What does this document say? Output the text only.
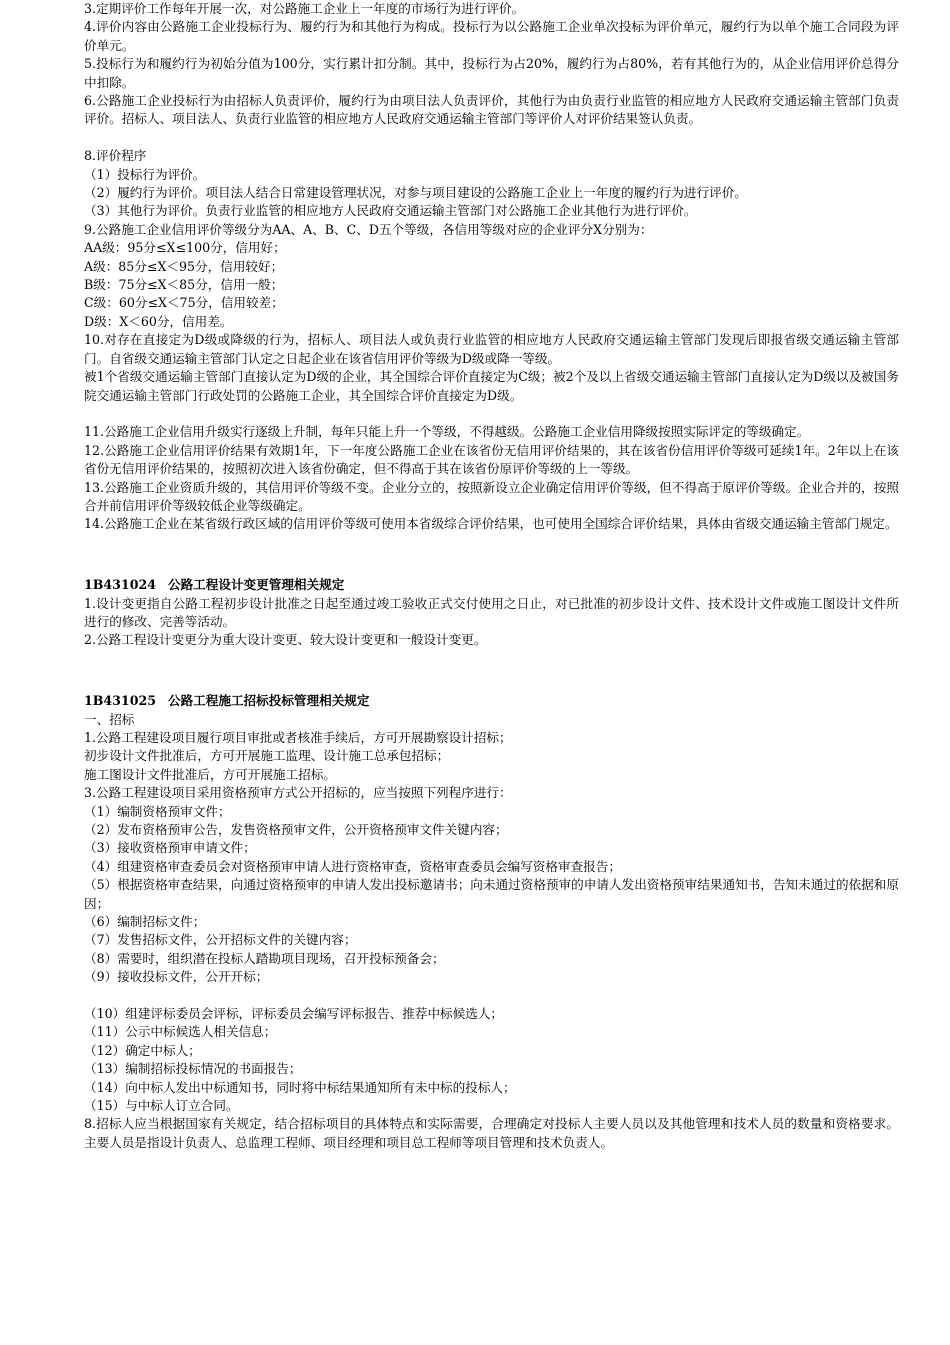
3.定期评价工作每年开展一次，对公路施工企业上一年度的市场行为进行评价。

4.评价内容由公路施工企业投标行为、履约行为和其他行为构成。投标行为以公路施工企业单次投标为评价单元，履约行为以单个施工合同段为评价单元。

5.投标行为和履约行为初始分值为100分，实行累计扣分制。其中，投标行为占20%，履约行为占80%，若有其他行为的，从企业信用评价总得分中扣除。

6.公路施工企业投标行为由招标人负责评价，履约行为由项目法人负责评价，其他行为由负责行业监管的相应地方人民政府交通运输主管部门负责评价。招标人、项目法人、负责行业监管的相应地方人民政府交通运输主管部门等评价人对评价结果签认负责。

8.评价程序

（1）投标行为评价。

（2）履约行为评价。项目法人结合日常建设管理状况，对参与项目建设的公路施工企业上一年度的履约行为进行评价。

（3）其他行为评价。负责行业监管的相应地方人民政府交通运输主管部门对公路施工企业其他行为进行评价。

9.公路施工企业信用评价等级分为AA、A、B、C、D五个等级，各信用等级对应的企业评分X分别为：

AA级：95分≤X≤100分，信用好；

A级：85分≤X＜95分，信用较好；

B级：75分≤X＜85分，信用一般；

C级：60分≤X＜75分，信用较差；

D级：X＜60分，信用差。

10.对存在直接定为D级或降级的行为，招标人、项目法人或负责行业监管的相应地方人民政府交通运输主管部门发现后即报省级交通运输主管部门。自省级交通运输主管部门认定之日起企业在该省信用评价等级为D级或降一等级。

被1个省级交通运输主管部门直接认定为D级的企业，其全国综合评价直接定为C级；被2个及以上省级交通运输主管部门直接认定为D级以及被国务院交通运输主管部门行政处罚的公路施工企业，其全国综合评价直接定为D级。

11.公路施工企业信用升级实行逐级上升制，每年只能上升一个等级，不得越级。公路施工企业信用降级按照实际评定的等级确定。

12.公路施工企业信用评价结果有效期1年，下一年度公路施工企业在该省份无信用评价结果的，其在该省份信用评价等级可延续1年。2年以上在该省份无信用评价结果的，按照初次进入该省份确定，但不得高于其在该省份原评价等级的上一等级。

13.公路施工企业资质升级的，其信用评价等级不变。企业分立的，按照新设立企业确定信用评价等级，但不得高于原评价等级。企业合并的，按照合并前信用评价等级较低企业等级确定。

14.公路施工企业在某省级行政区域的信用评价等级可使用本省级综合评价结果，也可使用全国综合评价结果，具体由省级交通运输主管部门规定。

1B431024 公路工程设计变更管理相关规定

1.设计变更指自公路工程初步设计批准之日起至通过竣工验收正式交付使用之日止，对已批准的初步设计文件、技术设计文件或施工图设计文件所进行的修改、完善等活动。

2.公路工程设计变更分为重大设计变更、较大设计变更和一般设计变更。

1B431025 公路工程施工招标投标管理相关规定

一、招标

1.公路工程建设项目履行项目审批或者核准手续后，方可开展勘察设计招标；

初步设计文件批准后，方可开展施工监理、设计施工总承包招标；

施工图设计文件批准后，方可开展施工招标。

3.公路工程建设项目采用资格预审方式公开招标的，应当按照下列程序进行：

（1）编制资格预审文件；

（2）发布资格预审公告，发售资格预审文件，公开资格预审文件关键内容；

（3）接收资格预审申请文件；

（4）组建资格审查委员会对资格预审申请人进行资格审查，资格审查委员会编写资格审查报告；

（5）根据资格审查结果，向通过资格预审的申请人发出投标邀请书；向未通过资格预审的申请人发出资格预审结果通知书，告知未通过的依据和原因；

（6）编制招标文件；

（7）发售招标文件，公开招标文件的关键内容；

（8）需要时，组织潜在投标人踏勘项目现场，召开投标预备会；

（9）接收投标文件，公开开标；

（10）组建评标委员会评标，评标委员会编写评标报告、推荐中标候选人；

（11）公示中标候选人相关信息；

（12）确定中标人；

（13）编制招标投标情况的书面报告；

（14）向中标人发出中标通知书，同时将中标结果通知所有未中标的投标人；

（15）与中标人订立合同。

8.招标人应当根据国家有关规定，结合招标项目的具体特点和实际需要，合理确定对投标人主要人员以及其他管理和技术人员的数量和资格要求。主要人员是指设计负责人、总监理工程师、项目经理和项目总工程师等项目管理和技术负责人。
